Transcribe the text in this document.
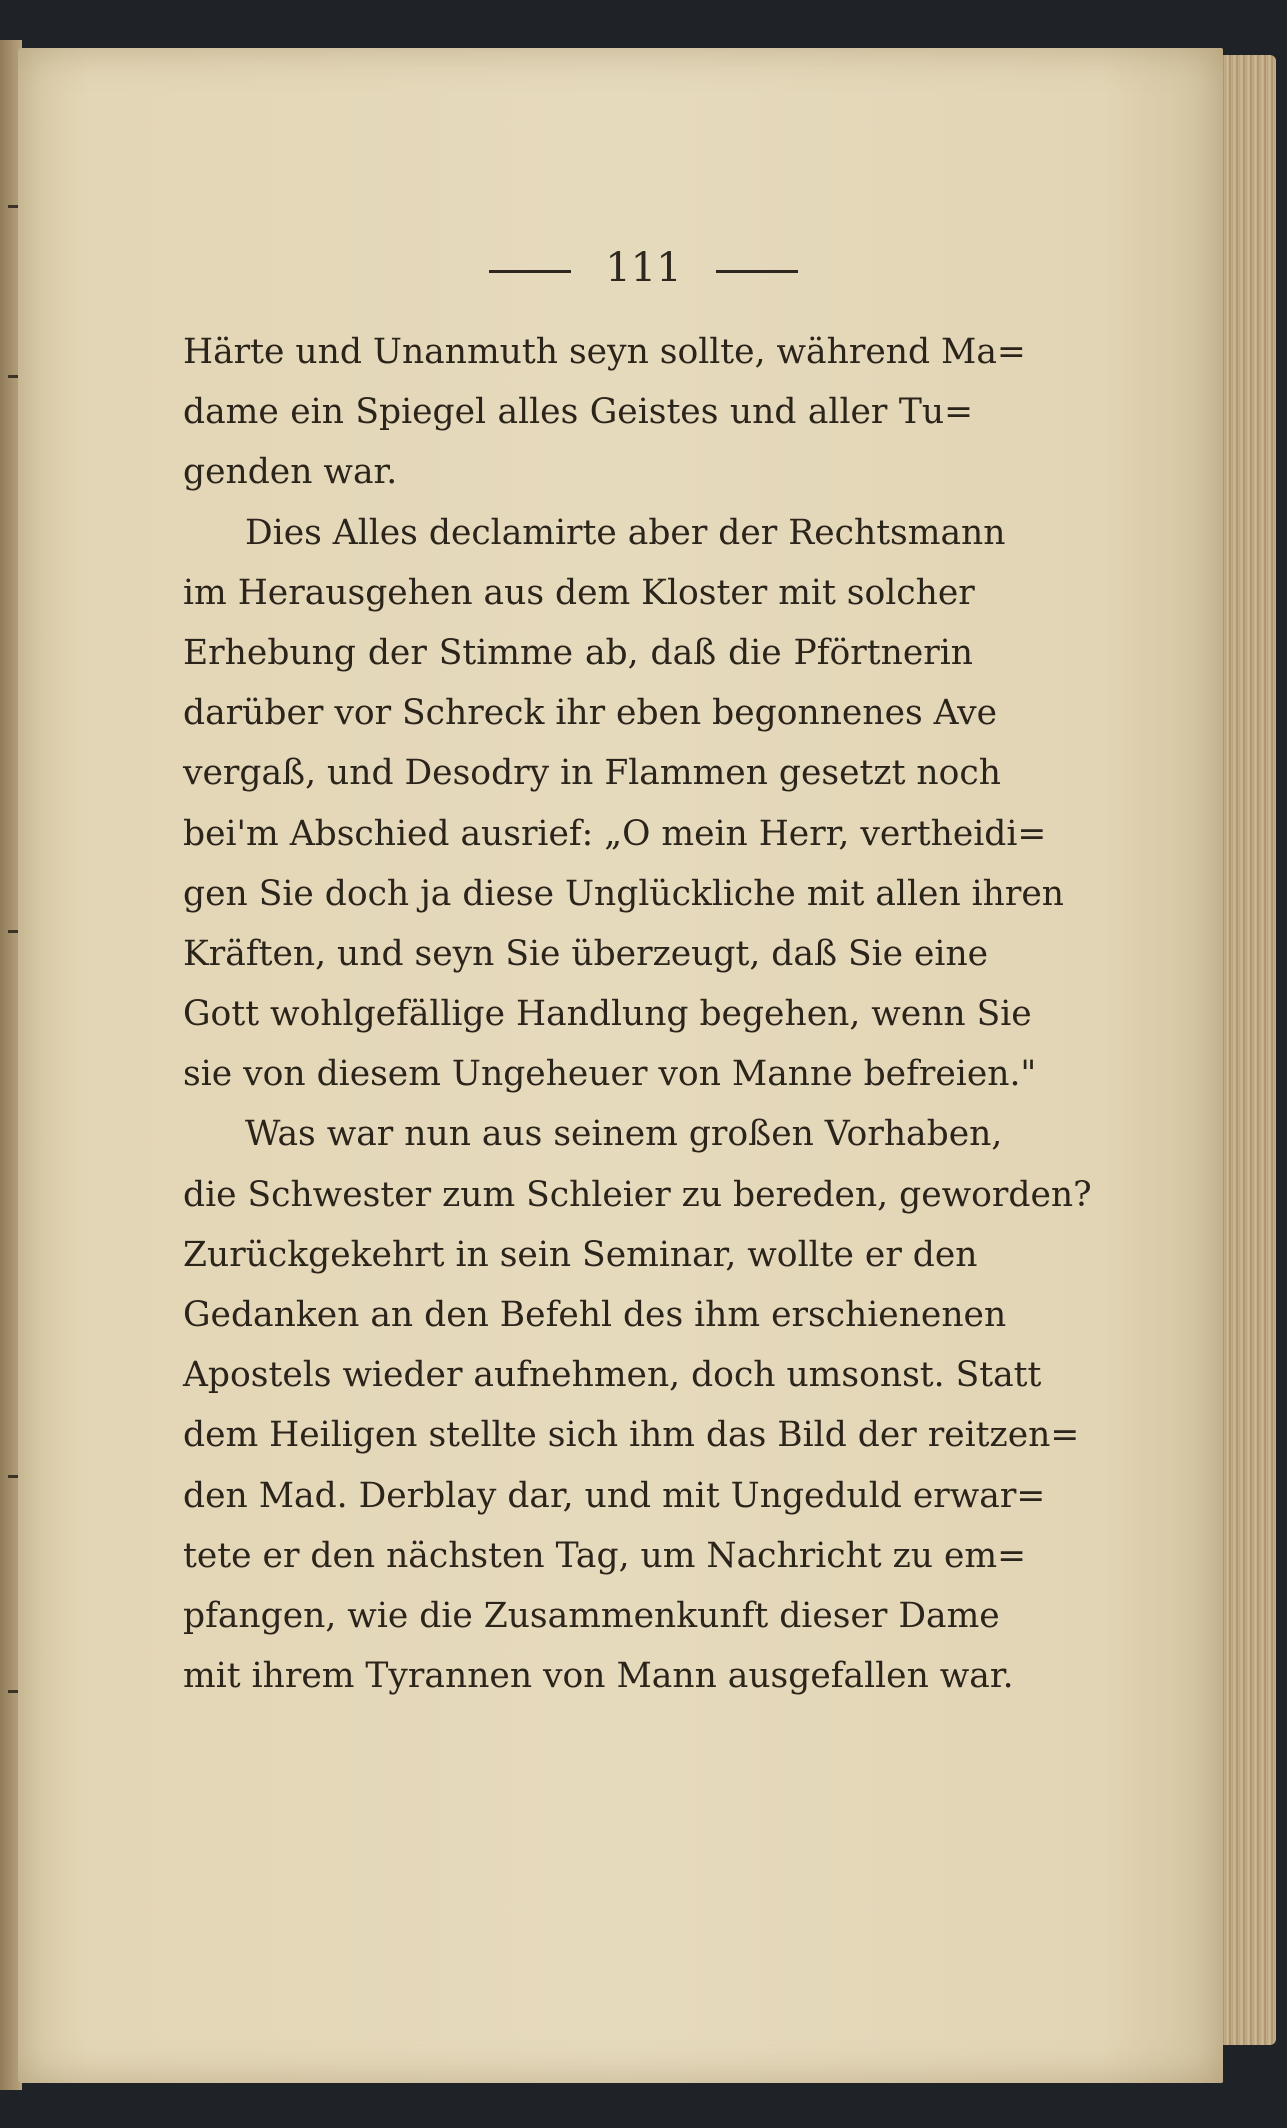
111
Härte und Unanmuth seyn sollte, während Ma=
dame ein Spiegel alles Geistes und aller Tu=
genden war.
Dies Alles declamirte aber der Rechtsmann
im Herausgehen aus dem Kloster mit solcher
Erhebung der Stimme ab, daß die Pförtnerin
darüber vor Schreck ihr eben begonnenes Ave
vergaß, und Desodry in Flammen gesetzt noch
bei'm Abschied ausrief: „O mein Herr, vertheidi=
gen Sie doch ja diese Unglückliche mit allen ihren
Kräften, und seyn Sie überzeugt, daß Sie eine
Gott wohlgefällige Handlung begehen, wenn Sie
sie von diesem Ungeheuer von Manne befreien."
Was war nun aus seinem großen Vorhaben,
die Schwester zum Schleier zu bereden, geworden?
Zurückgekehrt in sein Seminar, wollte er den
Gedanken an den Befehl des ihm erschienenen
Apostels wieder aufnehmen, doch umsonst. Statt
dem Heiligen stellte sich ihm das Bild der reitzen=
den Mad. Derblay dar, und mit Ungeduld erwar=
tete er den nächsten Tag, um Nachricht zu em=
pfangen, wie die Zusammenkunft dieser Dame
mit ihrem Tyrannen von Mann ausgefallen war.
